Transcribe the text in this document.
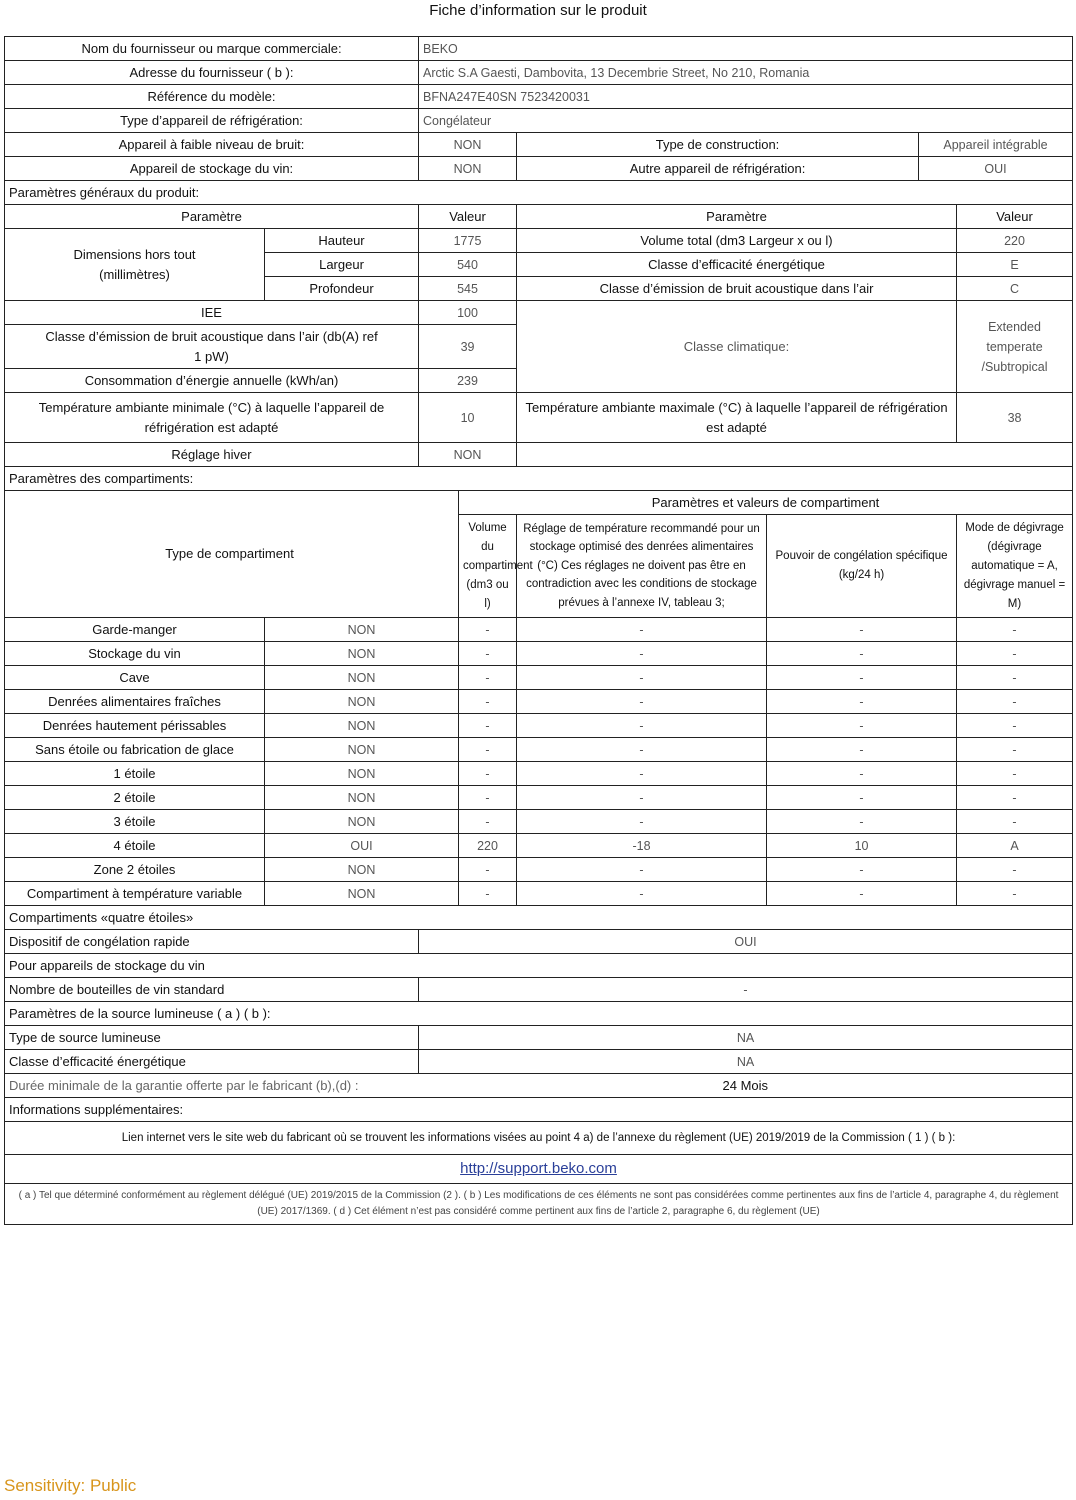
Fiche d’information sur le produit
Nom du fournisseur ou marque commerciale:		BEKO					
Adresse du fournisseur ( b ):		Arctic S.A Gaesti, Dambovita, 13 Decembrie Street, No 210, Romania					
Référence du modèle:		BFNA247E40SN 7523420031					
Type d’appareil de réfrigération:		Congélateur					
Appareil à faible niveau de bruit:		NON		Type de construction:		Appareil intégrable	
Appareil de stockage du vin:		NON		Autre appareil de réfrigération:		OUI	
Paramètres généraux du produit:							
Paramètre		Valeur		Paramètre			Valeur
Dimensions hors tout (millimètres)	Hauteur	1775		Volume total (dm3 Largeur x ou l)			220
	Largeur	540		Classe d’efficacité énergétique			E
	Profondeur	545		Classe d’émission de bruit acoustique dans l’air			C
IEE		100		Classe climatique:			Extended temperate /Subtropical
Classe d’émission de bruit acoustique dans l’air (db(A) ref 1 pW)		39					
Consommation d’énergie annuelle (kWh/an)		239					
Température ambiante minimale (°C) à laquelle l’appareil de réfrigération est adapté		10		Température ambiante maximale (°C) à laquelle l’appareil de réfrigération est adapté			38
Réglage hiver		NON					
Paramètres des compartiments:							
Type de compartiment			Paramètres et valeurs de compartiment				
			Volume du compartiment (dm3 ou l)	Réglage de température recommandé pour un stockage optimisé des denrées alimentaires (°C) Ces réglages ne doivent pas être en contradiction avec les conditions de stockage prévues à l’annexe IV, tableau 3;	Pouvoir de congélation spécifique (kg/24 h)		Mode de dégivrage (dégivrage automatique = A, dégivrage manuel = M)
Garde-manger	NON		-	-	-		-
Stockage du vin	NON		-	-	-		-
Cave	NON		-	-	-		-
Denrées alimentaires fraîches	NON		-	-	-		-
Denrées hautement périssables	NON		-	-	-		-
Sans étoile ou fabrication de glace	NON		-	-	-		-
1 étoile	NON		-	-	-		-
2 étoile	NON		-	-	-		-
3 étoile	NON		-	-	-		-
4 étoile	OUI		220	-18	10		A
Zone 2 étoiles	NON		-	-	-		-
Compartiment à température variable	NON		-	-	-		-
Compartiments «quatre étoiles»							
Dispositif de congélation rapide		OUI					
Pour appareils de stockage du vin							
Nombre de bouteilles de vin standard		-					
Paramètres de la source lumineuse ( a ) ( b ):							
Type de source lumineuse		NA					
Classe d’efficacité énergétique		NA					
Durée minimale de la garantie offerte par le fabricant (b),(d) :		24 Mois					
Informations supplémentaires:							
Lien internet vers le site web du fabricant où se trouvent les informations visées au point 4 a) de l’annexe du règlement (UE) 2019/2019 de la Commission ( 1 ) ( b ):							
http://support.beko.com							
( a ) Tel que déterminé conformément au règlement délégué (UE) 2019/2015 de la Commission (2 ). ( b ) Les modifications de ces éléments ne sont pas considérées comme pertinentes aux fins de l’article 4, paragraphe 4, du règlement (UE) 2017/1369. ( d ) Cet élément n’est pas considéré comme pertinent aux fins de l’article 2, paragraphe 6, du règlement (UE)							
Sensitivity: Public
